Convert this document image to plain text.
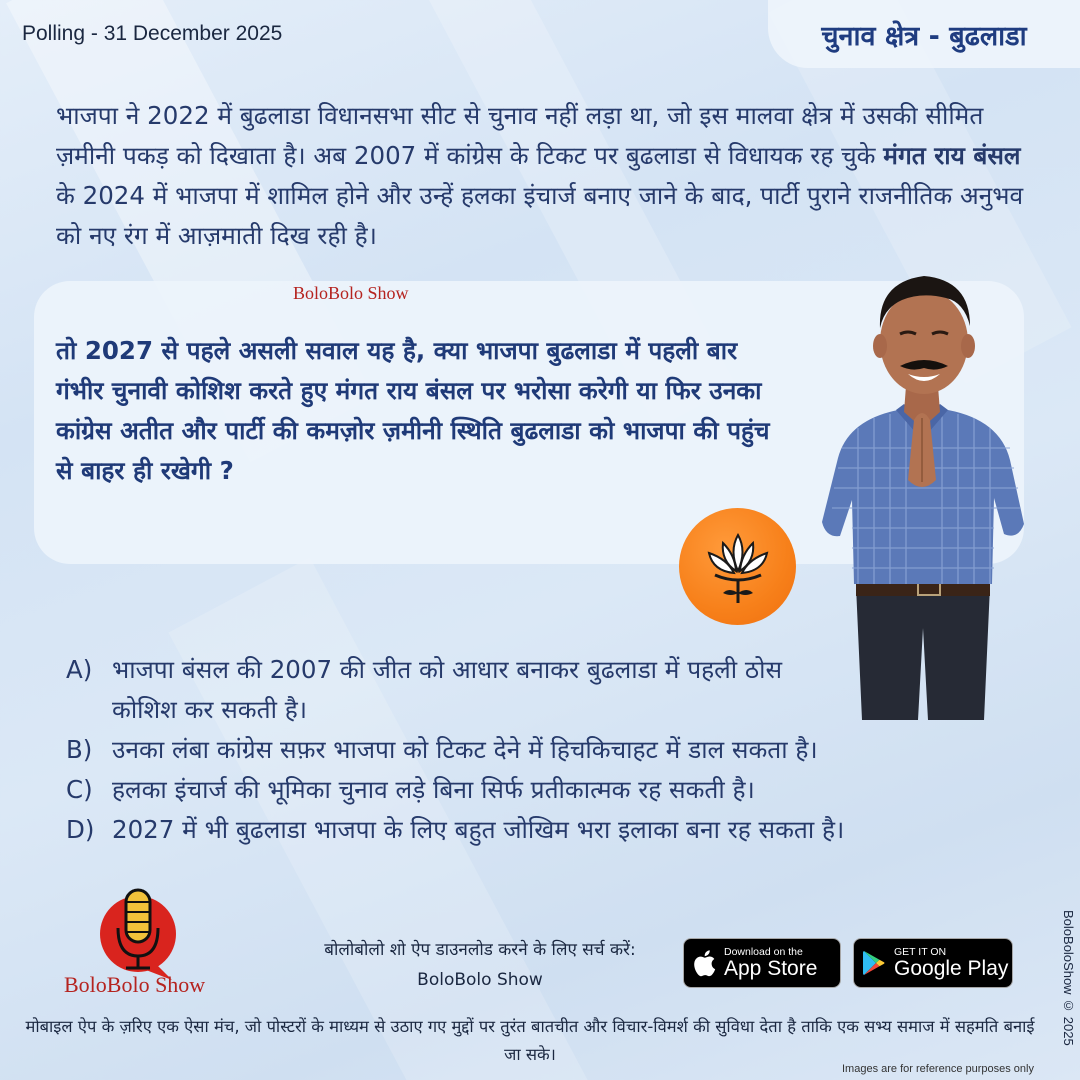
Polling - 31 December 2025	चुनाव क्षेत्र - बुढलाडा

भाजपा ने 2022 में बुढलाडा विधानसभा सीट से चुनाव नहीं लड़ा था, जो इस मालवा क्षेत्र में उसकी सीमित ज़मीनी पकड़ को दिखाता है। अब 2007 में कांग्रेस के टिकट पर बुढलाडा से विधायक रह चुके मंगत राय बंसल के 2024 में भाजपा में शामिल होने और उन्हें हलका इंचार्ज बनाए जाने के बाद, पार्टी पुराने राजनीतिक अनुभव को नए रंग में आज़माती दिख रही है।

BoloBolo Show

तो 2027 से पहले असली सवाल यह है, क्या भाजपा बुढलाडा में पहली बार गंभीर चुनावी कोशिश करते हुए मंगत राय बंसल पर भरोसा करेगी या फिर उनका कांग्रेस अतीत और पार्टी की कमज़ोर ज़मीनी स्थिति बुढलाडा को भाजपा की पहुंच से बाहर ही रखेगी ?

A) भाजपा बंसल की 2007 की जीत को आधार बनाकर बुढलाडा में पहली ठोस कोशिश कर सकती है।
B) उनका लंबा कांग्रेस सफ़र भाजपा को टिकट देने में हिचकिचाहट में डाल सकता है।
C) हलका इंचार्ज की भूमिका चुनाव लड़े बिना सिर्फ प्रतीकात्मक रह सकती है।
D) 2027 में भी बुढलाडा भाजपा के लिए बहुत जोखिम भरा इलाका बना रह सकता है।
BoloBolo Show
बोलोबोलो शो ऐप डाउनलोड करने के लिए सर्च करें:
BoloBolo Show
Download on the
App Store
GET IT ON
Google Play

मोबाइल ऐप के ज़रिए एक ऐसा मंच, जो पोस्टरों के माध्यम से उठाए गए मुद्दों पर तुरंत बातचीत और विचार-विमर्श की सुविधा देता है ताकि एक सभ्य समाज में सहमति बनाई जा सके।

BoloBoloShow © 2025
Images are for reference purposes only
